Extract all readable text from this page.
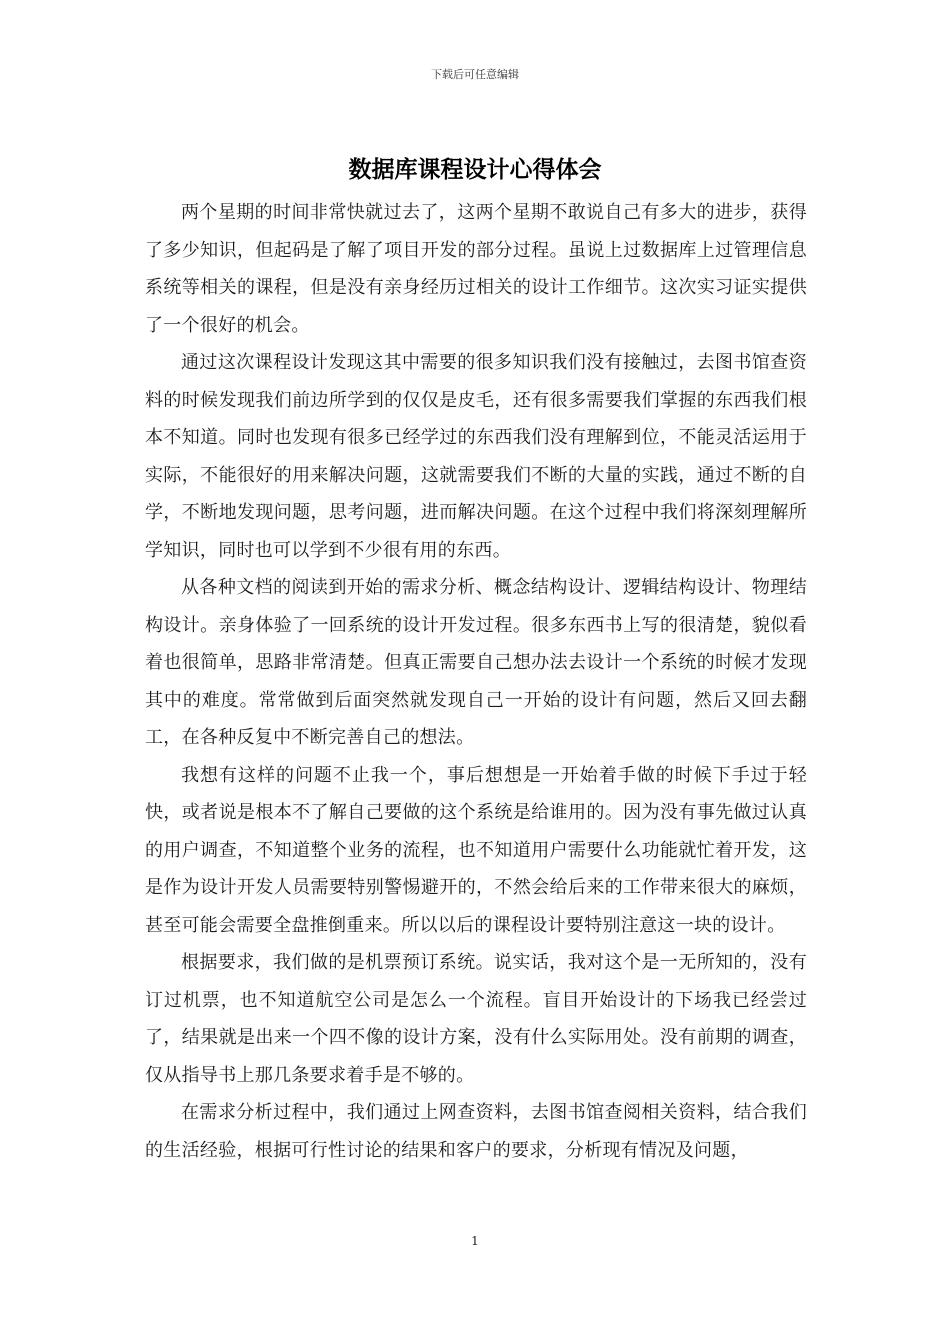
下载后可任意编辑
数据库课程设计心得体会

两个星期的时间非常快就过去了，这两个星期不敢说自己有多大的进步，获得了多少知识，但起码是了解了项目开发的部分过程。虽说上过数据库上过管理信息系统等相关的课程，但是没有亲身经历过相关的设计工作细节。这次实习证实提供了一个很好的机会。

通过这次课程设计发现这其中需要的很多知识我们没有接触过，去图书馆查资料的时候发现我们前边所学到的仅仅是皮毛，还有很多需要我们掌握的东西我们根本不知道。同时也发现有很多已经学过的东西我们没有理解到位，不能灵活运用于实际，不能很好的用来解决问题，这就需要我们不断的大量的实践，通过不断的自学，不断地发现问题，思考问题，进而解决问题。在这个过程中我们将深刻理解所学知识，同时也可以学到不少很有用的东西。

从各种文档的阅读到开始的需求分析、概念结构设计、逻辑结构设计、物理结构设计。亲身体验了一回系统的设计开发过程。很多东西书上写的很清楚，貌似看着也很简单，思路非常清楚。但真正需要自己想办法去设计一个系统的时候才发现其中的难度。常常做到后面突然就发现自己一开始的设计有问题，然后又回去翻工，在各种反复中不断完善自己的想法。

我想有这样的问题不止我一个，事后想想是一开始着手做的时候下手过于轻快，或者说是根本不了解自己要做的这个系统是给谁用的。因为没有事先做过认真的用户调查，不知道整个业务的流程，也不知道用户需要什么功能就忙着开发，这是作为设计开发人员需要特别警惕避开的，不然会给后来的工作带来很大的麻烦，甚至可能会需要全盘推倒重来。所以以后的课程设计要特别注意这一块的设计。

根据要求，我们做的是机票预订系统。说实话，我对这个是一无所知的，没有订过机票，也不知道航空公司是怎么一个流程。盲目开始设计的下场我已经尝过了，结果就是出来一个四不像的设计方案，没有什么实际用处。没有前期的调查，仅从指导书上那几条要求着手是不够的。

在需求分析过程中，我们通过上网查资料，去图书馆查阅相关资料，结合我们的生活经验，根据可行性讨论的结果和客户的要求，分析现有情况及问题，

1
